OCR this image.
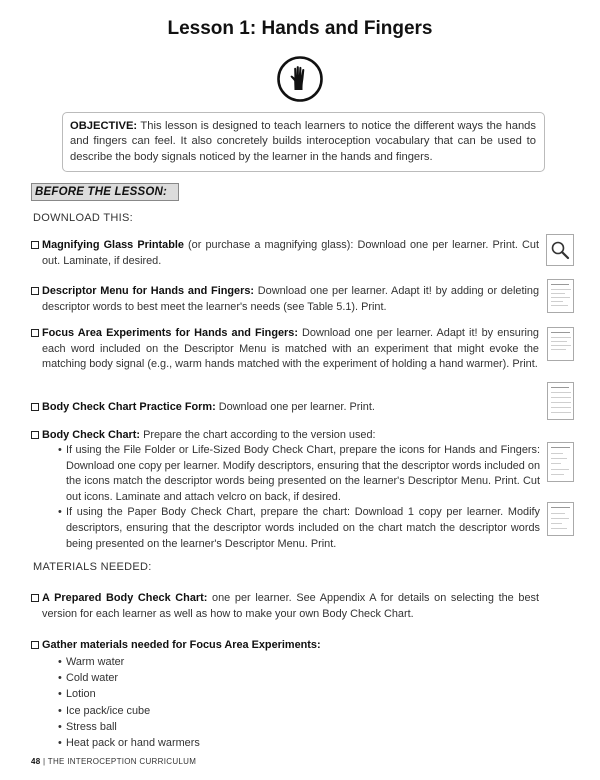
Lesson 1: Hands and Fingers
OBJECTIVE: This lesson is designed to teach learners to notice the different ways the hands and fingers can feel. It also concretely builds interoception vocabulary that can be used to describe the body signals noticed by the learner in the hands and fingers.
BEFORE THE LESSON:
DOWNLOAD THIS:
Magnifying Glass Printable (or purchase a magnifying glass): Download one per learner. Print. Cut out. Laminate, if desired.
Descriptor Menu for Hands and Fingers: Download one per learner. Adapt it! by adding or deleting descriptor words to best meet the learner's needs (see Table 5.1). Print.
Focus Area Experiments for Hands and Fingers: Download one per learner. Adapt it! by ensuring each word included on the Descriptor Menu is matched with an experiment that might evoke the matching body signal (e.g., warm hands matched with the experiment of holding a hand warmer). Print.
Body Check Chart Practice Form: Download one per learner. Print.
Body Check Chart: Prepare the chart according to the version used:
• If using the File Folder or Life-Sized Body Check Chart, prepare the icons for Hands and Fingers: Download one copy per learner. Modify descriptors, ensuring that the descriptor words included on the icons match the descriptor words being presented on the learner's Descriptor Menu. Print. Cut out icons. Laminate and attach velcro on back, if desired.
• If using the Paper Body Check Chart, prepare the chart: Download 1 copy per learner. Modify descriptors, ensuring that the descriptor words included on the chart match the descriptor words being presented on the learner's Descriptor Menu. Print.
MATERIALS NEEDED:
A Prepared Body Check Chart: one per learner. See Appendix A for details on selecting the best version for each learner as well as how to make your own Body Check Chart.
Gather materials needed for Focus Area Experiments:
• Warm water
• Cold water
• Lotion
• Ice pack/ice cube
• Stress ball
• Heat pack or hand warmers
48 | THE INTEROCEPTION CURRICULUM
